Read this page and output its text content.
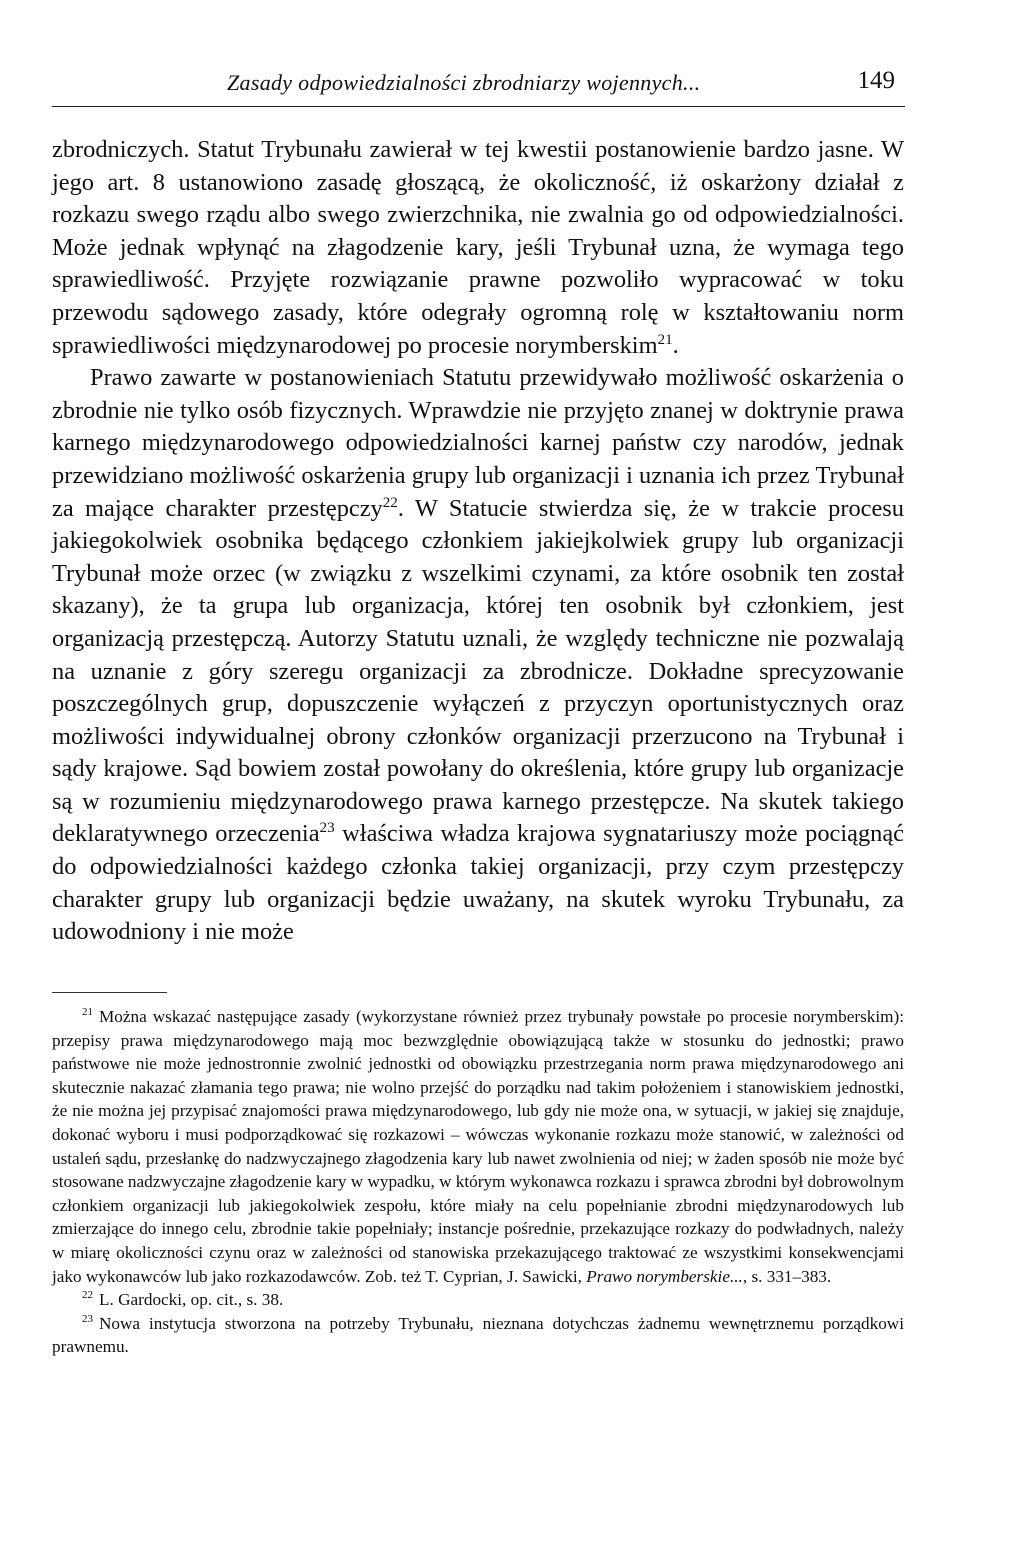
Zasady odpowiedzialności zbrodniarzy wojennych...	149

zbrodniczych. Statut Trybunału zawierał w tej kwestii postanowienie bardzo jasne. W jego art. 8 ustanowiono zasadę głoszącą, że okoliczność, iż oskarżony działał z rozkazu swego rządu albo swego zwierzchnika, nie zwalnia go od odpowiedzialności. Może jednak wpłynąć na złagodzenie kary, jeśli Trybunał uzna, że wymaga tego sprawiedliwość. Przyjęte rozwiązanie prawne pozwoliło wypracować w toku przewodu sądowego zasady, które odegrały ogromną rolę w kształtowaniu norm sprawiedliwości międzynarodowej po procesie norymberskim$^{21}$.

Prawo zawarte w postanowieniach Statutu przewidywało możliwość oskarżenia o zbrodnie nie tylko osób fizycznych. Wprawdzie nie przyjęto znanej w doktrynie prawa karnego międzynarodowego odpowiedzialności karnej państw czy narodów, jednak przewidziano możliwość oskarżenia grupy lub organizacji i uznania ich przez Trybunał za mające charakter przestępczy$^{22}$. W Statucie stwierdza się, że w trakcie procesu jakiegokolwiek osobnika będącego członkiem jakiejkolwiek grupy lub organizacji Trybunał może orzec (w związku z wszelkimi czynami, za które osobnik ten został skazany), że ta grupa lub organizacja, której ten osobnik był członkiem, jest organizacją przestępczą. Autorzy Statutu uznali, że względy techniczne nie pozwalają na uznanie z góry szeregu organizacji za zbrodnicze. Dokładne sprecyzowanie poszczególnych grup, dopuszczenie wyłączeń z przyczyn oportunistycznych oraz możliwości indywidualnej obrony członków organizacji przerzucono na Trybunał i sądy krajowe. Sąd bowiem został powołany do określenia, które grupy lub organizacje są w rozumieniu międzynarodowego prawa karnego przestępcze. Na skutek takiego deklaratywnego orzeczenia$^{23}$ właściwa władza krajowa sygnatariuszy może pociągnąć do odpowiedzialności każdego członka takiej organizacji, przy czym przestępczy charakter grupy lub organizacji będzie uważany, na skutek wyroku Trybunału, za udowodniony i nie może

$^{21}$ Można wskazać następujące zasady (wykorzystane również przez trybunały powstałe po procesie norymberskim): przepisy prawa międzynarodowego mają moc bezwzględnie obowiązującą także w stosunku do jednostki; prawo państwowe nie może jednostronnie zwolnić jednostki od obowiązku przestrzegania norm prawa międzynarodowego ani skutecznie nakazać złamania tego prawa; nie wolno przejść do porządku nad takim położeniem i stanowiskiem jednostki, że nie można jej przypisać znajomości prawa międzynarodowego, lub gdy nie może ona, w sytuacji, w jakiej się znajduje, dokonać wyboru i musi podporządkować się rozkazowi – wówczas wykonanie rozkazu może stanowić, w zależności od ustaleń sądu, przesłankę do nadzwyczajnego złagodzenia kary lub nawet zwolnienia od niej; w żaden sposób nie może być stosowane nadzwyczajne złagodzenie kary w wypadku, w którym wykonawca rozkazu i sprawca zbrodni był dobrowolnym członkiem organizacji lub jakiegokolwiek zespołu, które miały na celu popełnianie zbrodni międzynarodowych lub zmierzające do innego celu, zbrodnie takie popełniały; instancje pośrednie, przekazujące rozkazy do podwładnych, należy w miarę okoliczności czynu oraz w zależności od stanowiska przekazującego traktować ze wszystkimi konsekwencjami jako wykonawców lub jako rozkazodawców. Zob. też T. Cyprian, J. Sawicki, Prawo norymberskie..., s. 331–383.

$^{22}$ L. Gardocki, op. cit., s. 38.

$^{23}$ Nowa instytucja stworzona na potrzeby Trybunału, nieznana dotychczas żadnemu wewnętrznemu porządkowi prawnemu.
